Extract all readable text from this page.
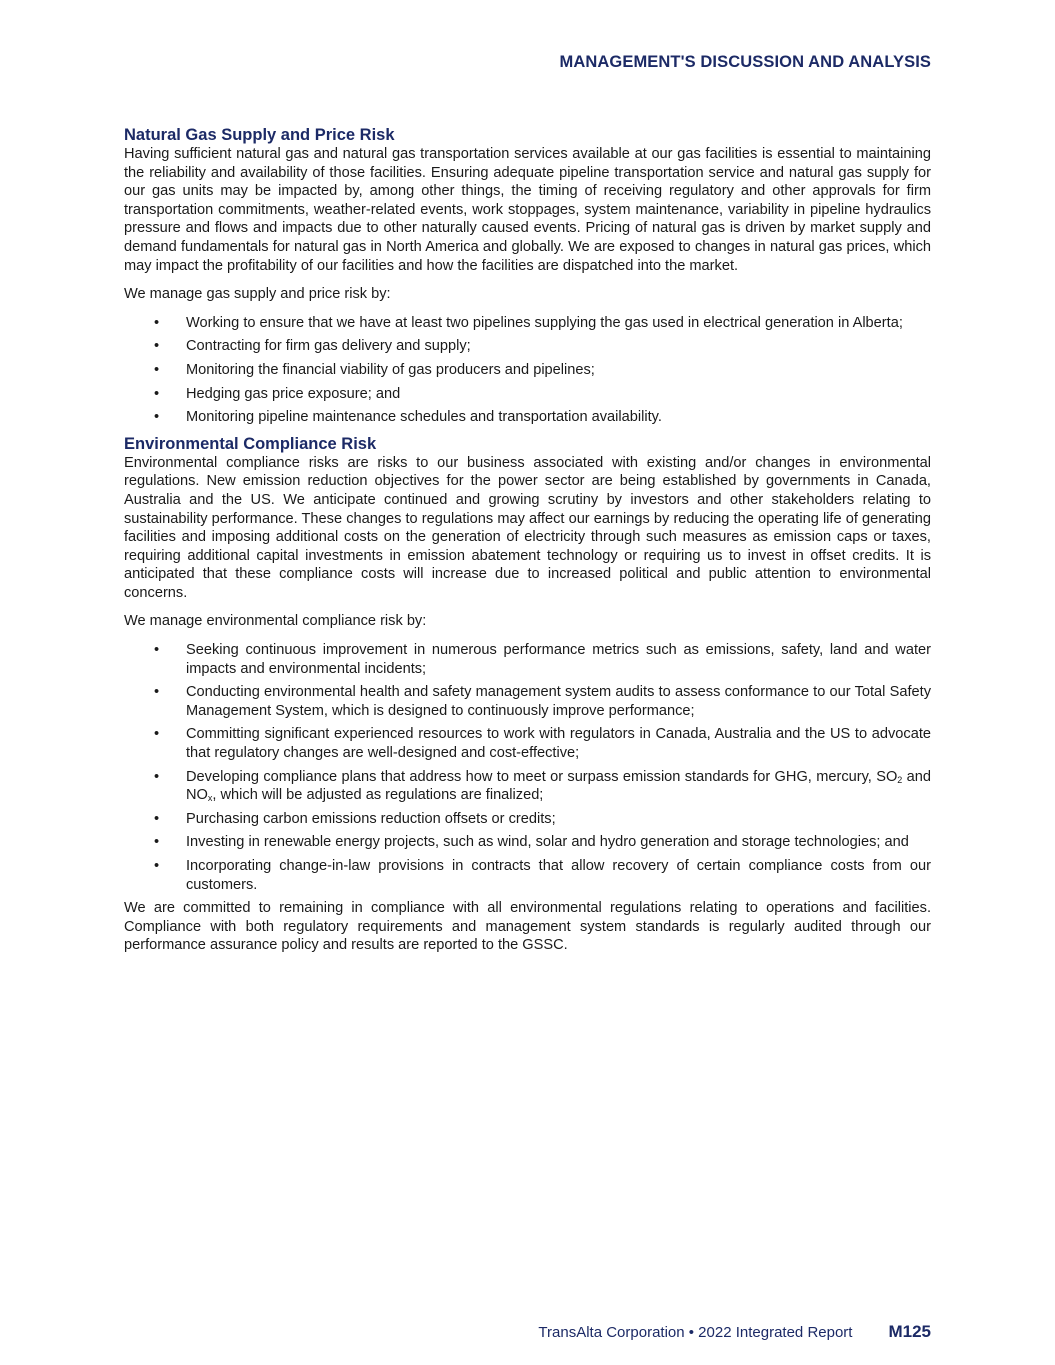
MANAGEMENT'S DISCUSSION AND ANALYSIS
Natural Gas Supply and Price Risk

Having sufficient natural gas and natural gas transportation services available at our gas facilities is essential to maintaining the reliability and availability of those facilities. Ensuring adequate pipeline transportation service and natural gas supply for our gas units may be impacted by, among other things, the timing of receiving regulatory and other approvals for firm transportation commitments, weather-related events, work stoppages, system maintenance, variability in pipeline hydraulics pressure and flows and impacts due to other naturally caused events. Pricing of natural gas is driven by market supply and demand fundamentals for natural gas in North America and globally. We are exposed to changes in natural gas prices, which may impact the profitability of our facilities and how the facilities are dispatched into the market.

We manage gas supply and price risk by:

• Working to ensure that we have at least two pipelines supplying the gas used in electrical generation in Alberta;
• Contracting for firm gas delivery and supply;
• Monitoring the financial viability of gas producers and pipelines;
• Hedging gas price exposure; and
• Monitoring pipeline maintenance schedules and transportation availability.
Environmental Compliance Risk

Environmental compliance risks are risks to our business associated with existing and/or changes in environmental regulations. New emission reduction objectives for the power sector are being established by governments in Canada, Australia and the US. We anticipate continued and growing scrutiny by investors and other stakeholders relating to sustainability performance. These changes to regulations may affect our earnings by reducing the operating life of generating facilities and imposing additional costs on the generation of electricity through such measures as emission caps or taxes, requiring additional capital investments in emission abatement technology or requiring us to invest in offset credits. It is anticipated that these compliance costs will increase due to increased political and public attention to environmental concerns.

We manage environmental compliance risk by:

• Seeking continuous improvement in numerous performance metrics such as emissions, safety, land and water impacts and environmental incidents;
• Conducting environmental health and safety management system audits to assess conformance to our Total Safety Management System, which is designed to continuously improve performance;
• Committing significant experienced resources to work with regulators in Canada, Australia and the US to advocate that regulatory changes are well-designed and cost-effective;
• Developing compliance plans that address how to meet or surpass emission standards for GHG, mercury, $SO_2$ and $NO_x$, which will be adjusted as regulations are finalized;
• Purchasing carbon emissions reduction offsets or credits;
• Investing in renewable energy projects, such as wind, solar and hydro generation and storage technologies; and
• Incorporating change-in-law provisions in contracts that allow recovery of certain compliance costs from our customers.

We are committed to remaining in compliance with all environmental regulations relating to operations and facilities. Compliance with both regulatory requirements and management system standards is regularly audited through our performance assurance policy and results are reported to the GSSC.

TransAlta Corporation • 2022 Integrated Report M125
